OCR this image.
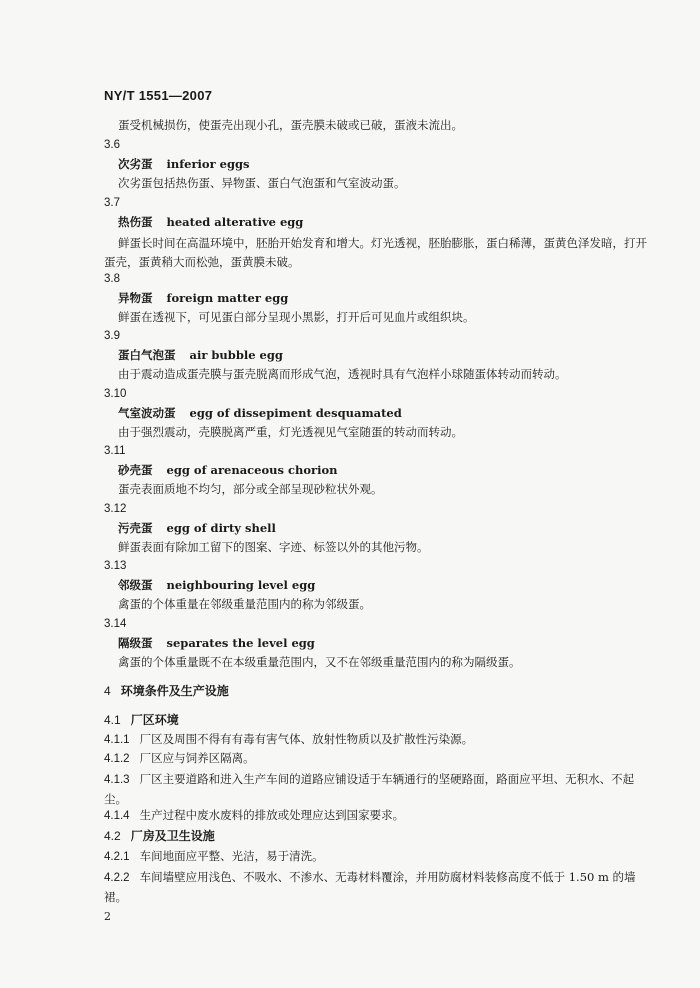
NY/T 1551—2007
蛋受机械损伤，使蛋壳出现小孔，蛋壳膜未破或已破，蛋液未流出。
3.6
次劣蛋 inferior eggs
次劣蛋包括热伤蛋、异物蛋、蛋白气泡蛋和气室波动蛋。
3.7
热伤蛋 heated alterative egg
鲜蛋长时间在高温环境中，胚胎开始发育和增大。灯光透视，胚胎膨胀，蛋白稀薄，蛋黄色泽发暗，打开蛋壳，蛋黄稍大而松弛，蛋黄膜未破。
3.8
异物蛋 foreign matter egg
鲜蛋在透视下，可见蛋白部分呈现小黑影，打开后可见血片或组织块。
3.9
蛋白气泡蛋 air bubble egg
由于震动造成蛋壳膜与蛋壳脱离而形成气泡，透视时具有气泡样小球随蛋体转动而转动。
3.10
气室波动蛋 egg of dissepiment desquamated
由于强烈震动，壳膜脱离严重，灯光透视见气室随蛋的转动而转动。
3.11
砂壳蛋 egg of arenaceous chorion
蛋壳表面质地不均匀，部分或全部呈现砂粒状外观。
3.12
污壳蛋 egg of dirty shell
鲜蛋表面有除加工留下的图案、字迹、标签以外的其他污物。
3.13
邻级蛋 neighbouring level egg
禽蛋的个体重量在邻级重量范围内的称为邻级蛋。
3.14
隔级蛋 separates the level egg
禽蛋的个体重量既不在本级重量范围内，又不在邻级重量范围内的称为隔级蛋。
4 环境条件及生产设施
4.1 厂区环境
4.1.1 厂区及周围不得有有毒有害气体、放射性物质以及扩散性污染源。
4.1.2 厂区应与饲养区隔离。
4.1.3 厂区主要道路和进入生产车间的道路应铺设适于车辆通行的坚硬路面，路面应平坦、无积水、不起尘。
4.1.4 生产过程中废水废料的排放或处理应达到国家要求。
4.2 厂房及卫生设施
4.2.1 车间地面应平整、光洁，易于清洗。
4.2.2 车间墙壁应用浅色、不吸水、不渗水、无毒材料覆涂，并用防腐材料装修高度不低于 1.50 m 的墙裙。
2
